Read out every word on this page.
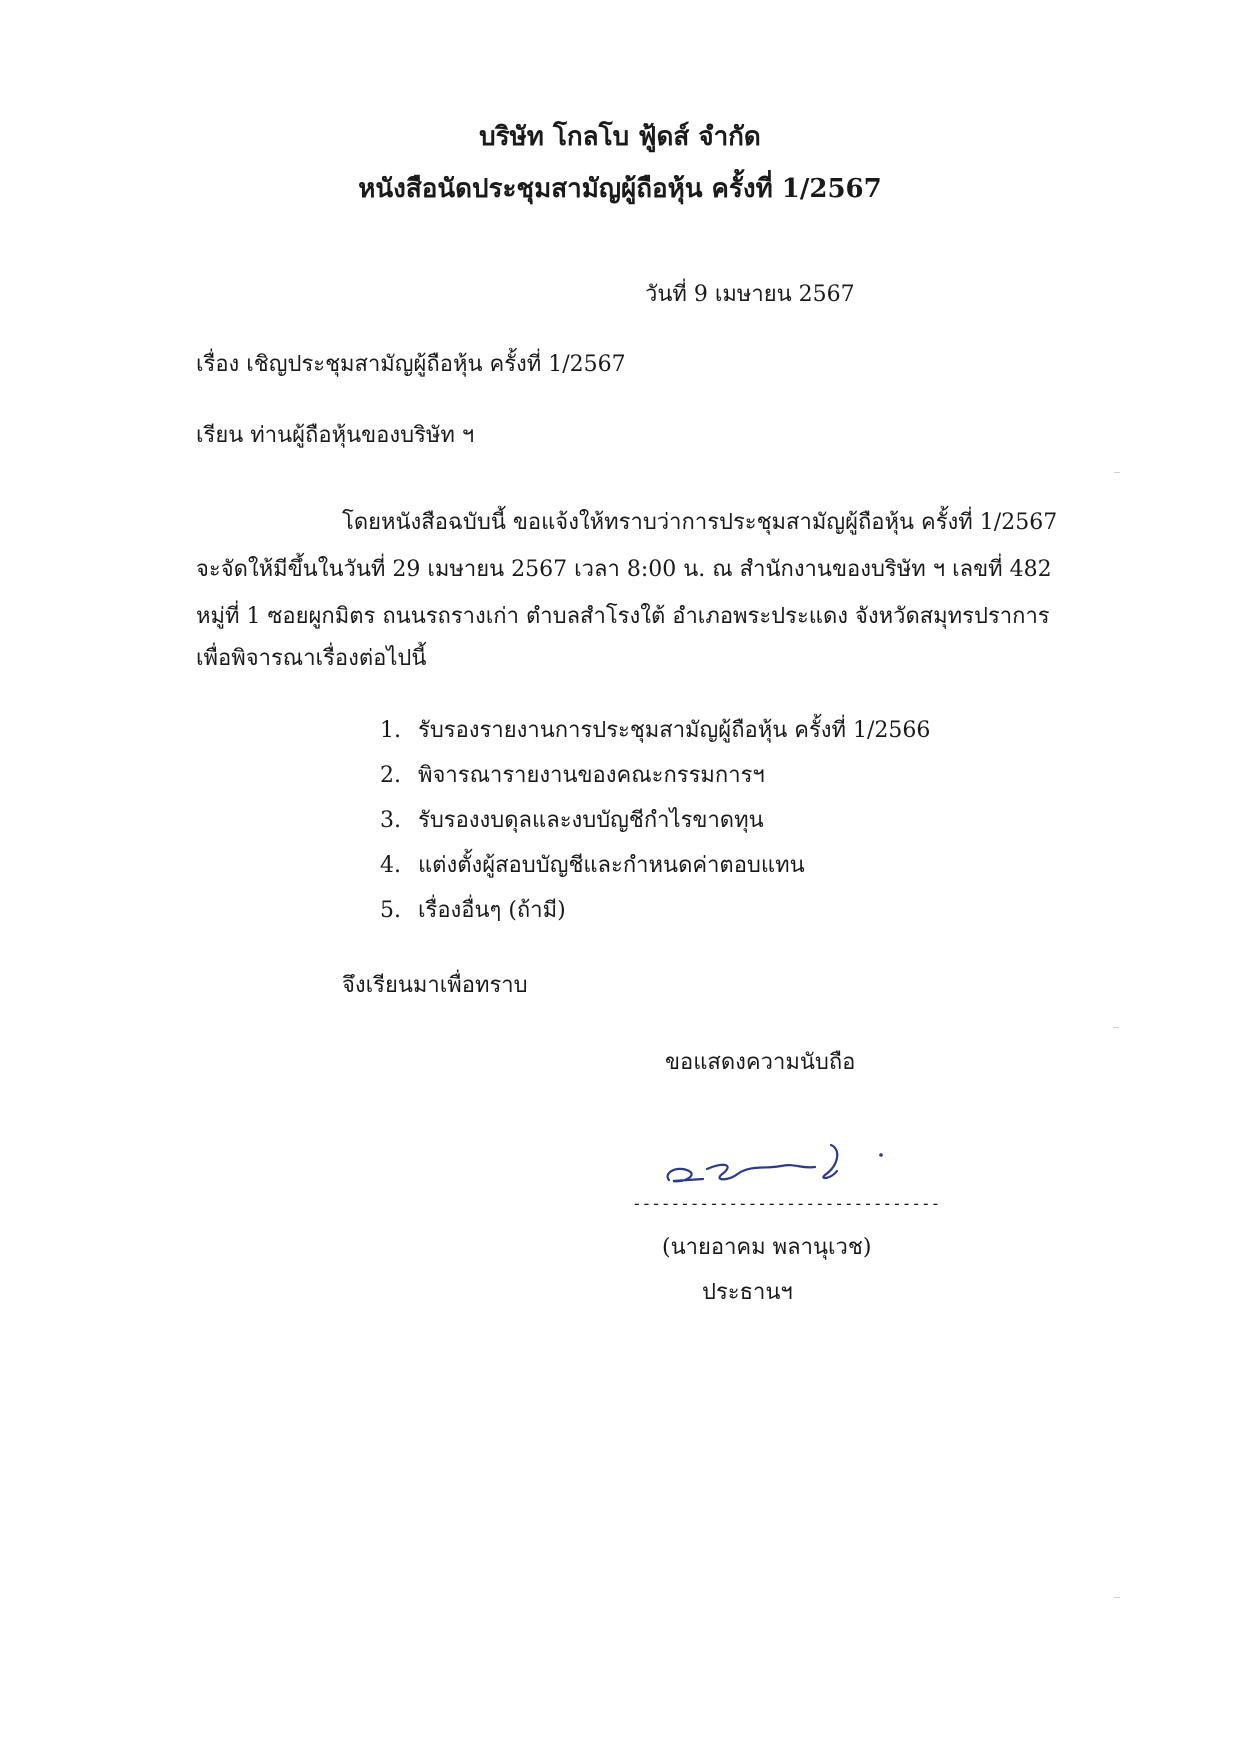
บริษัท โกลโบ ฟู้ดส์ จำกัด
หนังสือนัดประชุมสามัญผู้ถือหุ้น ครั้งที่ 1/2567
วันที่ 9 เมษายน 2567
เรื่อง เชิญประชุมสามัญผู้ถือหุ้น ครั้งที่ 1/2567
เรียน ท่านผู้ถือหุ้นของบริษัท ฯ
โดยหนังสือฉบับนี้ ขอแจ้งให้ทราบว่าการประชุมสามัญผู้ถือหุ้น ครั้งที่ 1/2567
จะจัดให้มีขึ้นในวันที่ 29 เมษายน 2567 เวลา 8:00 น. ณ สำนักงานของบริษัท ฯ เลขที่ 482
หมู่ที่ 1 ซอยผูกมิตร ถนนรถรางเก่า ตำบลสำโรงใต้ อำเภอพระประแดง จังหวัดสมุทรปราการ
เพื่อพิจารณาเรื่องต่อไปนี้
1. รับรองรายงานการประชุมสามัญผู้ถือหุ้น ครั้งที่ 1/2566
2. พิจารณารายงานของคณะกรรมการฯ
3. รับรองงบดุลและงบบัญชีกำไรขาดทุน
4. แต่งตั้งผู้สอบบัญชีและกำหนดค่าตอบแทน
5. เรื่องอื่นๆ (ถ้ามี)
จึงเรียนมาเพื่อทราบ
ขอแสดงความนับถือ
--------------------------------
(นายอาคม พลานุเวช)
ประธานฯ
